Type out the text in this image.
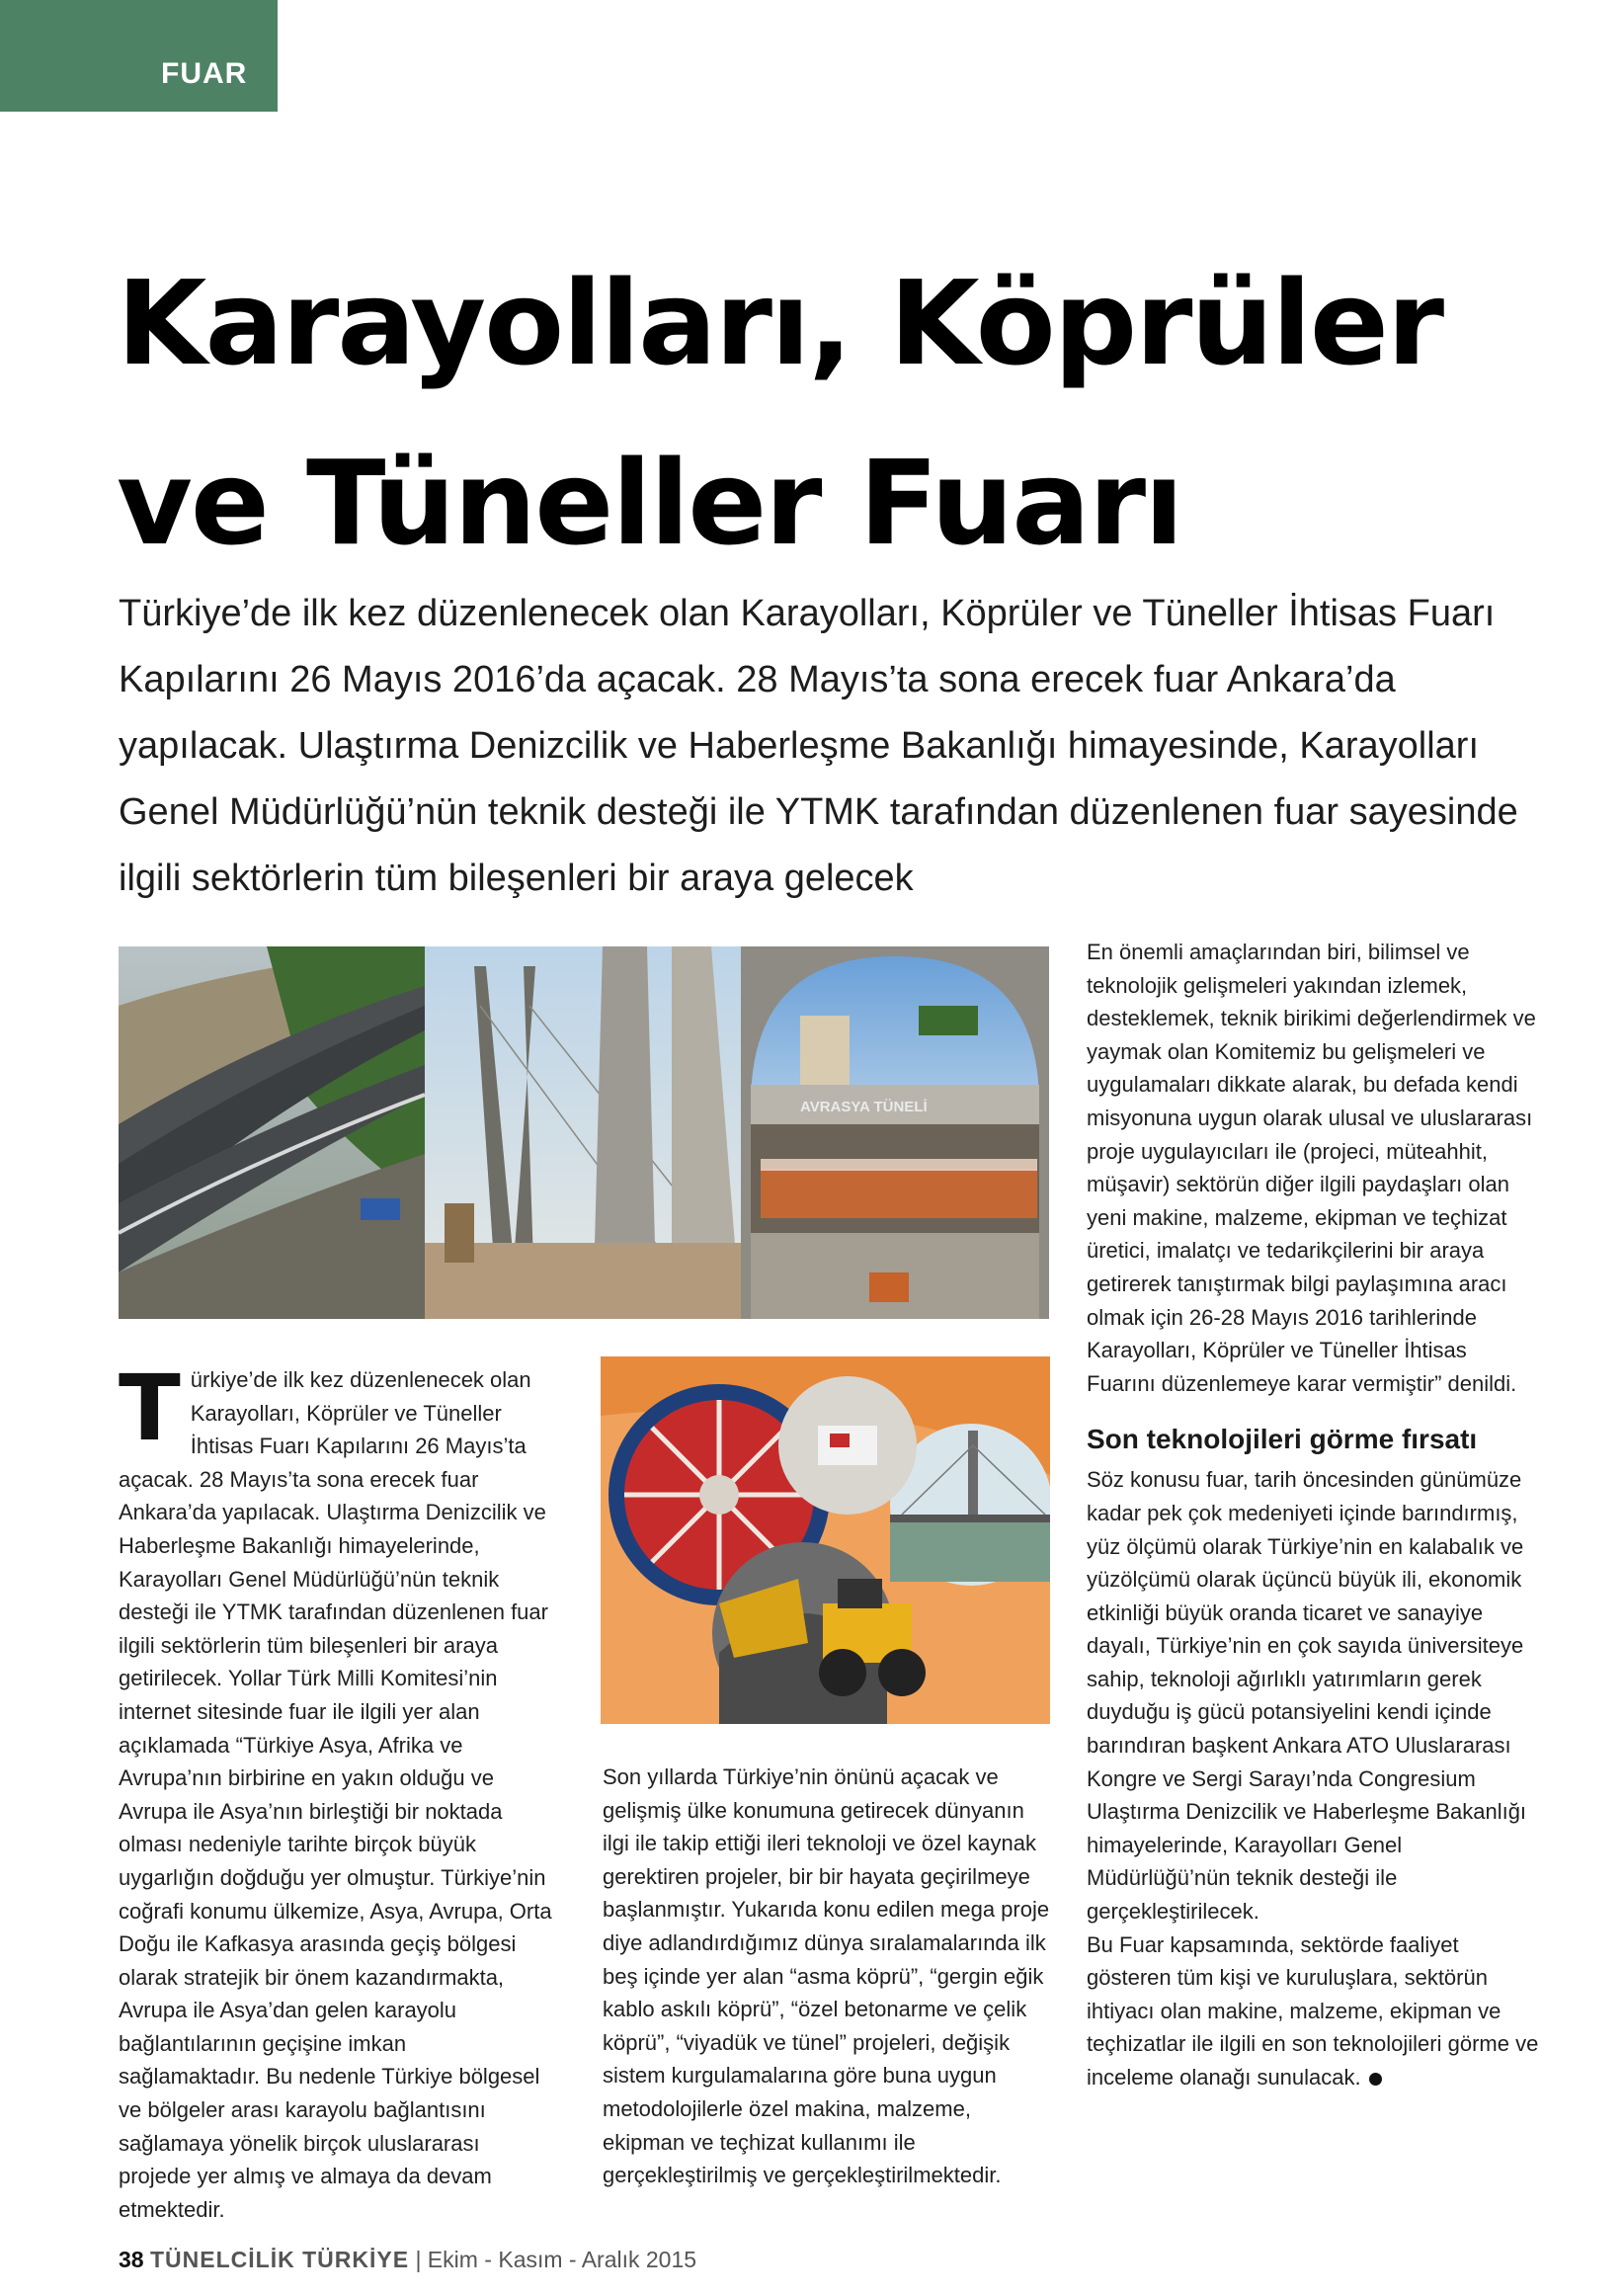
FUAR
Karayolları, Köprüler
ve Tüneller Fuarı

Türkiye’de ilk kez düzenlenecek olan Karayolları, Köprüler ve Tüneller İhtisas Fuarı Kapılarını 26 Mayıs 2016’da açacak. 28 Mayıs’ta sona erecek fuar Ankara’da yapılacak. Ulaştırma Denizcilik ve Haberleşme Bakanlığı himayesinde, Karayolları Genel Müdürlüğü’nün teknik desteği ile YTMK tarafından düzenlenen fuar sayesinde ilgili sektörlerin tüm bileşenleri bir araya gelecek

AVRASYA TÜNELİ
T ürkiye’de ilk kez düzenlenecek olan Karayolları, Köprüler ve Tüneller İhtisas Fuarı Kapılarını 26 Mayıs’ta açacak. 28 Mayıs’ta sona erecek fuar Ankara’da yapılacak. Ulaştırma Denizcilik ve Haberleşme Bakanlığı himayelerinde, Karayolları Genel Müdürlüğü’nün teknik desteği ile YTMK tarafından düzenlenen fuar ilgili sektörlerin tüm bileşenleri bir araya getirilecek. Yollar Türk Milli Komitesi’nin internet sitesinde fuar ile ilgili yer alan açıklamada “Türkiye Asya, Afrika ve Avrupa’nın birbirine en yakın olduğu ve Avrupa ile Asya’nın birleştiği bir noktada olması nedeniyle tarihte birçok büyük uygarlığın doğduğu yer olmuştur. Türkiye’nin coğrafi konumu ülkemize, Asya, Avrupa, Orta Doğu ile Kafkasya arasında geçiş bölgesi olarak stratejik bir önem kazandırmakta, Avrupa ile Asya’dan gelen karayolu bağlantılarının geçişine imkan sağlamaktadır. Bu nedenle Türkiye bölgesel ve bölgeler arası karayolu bağlantısını sağlamaya yönelik birçok uluslararası projede yer almış ve almaya da devam etmektedir.

Son yıllarda Türkiye’nin önünü açacak ve gelişmiş ülke konumuna getirecek dünyanın ilgi ile takip ettiği ileri teknoloji ve özel kaynak gerektiren projeler, bir bir hayata geçirilmeye başlanmıştır. Yukarıda konu edilen mega proje diye adlandırdığımız dünya sıralamalarında ilk beş içinde yer alan “asma köprü”, “gergin eğik kablo askılı köprü”, “özel betonarme ve çelik köprü”, “viyadük ve tünel” projeleri, değişik sistem kurgulamalarına göre buna uygun metodolojilerle özel makina, malzeme, ekipman ve teçhizat kullanımı ile gerçekleştirilmiş ve gerçekleştirilmektedir.

En önemli amaçlarından biri, bilimsel ve teknolojik gelişmeleri yakından izlemek, desteklemek, teknik birikimi değerlendirmek ve yaymak olan Komitemiz bu gelişmeleri ve uygulamaları dikkate alarak, bu defada kendi misyonuna uygun olarak ulusal ve uluslararası proje uygulayıcıları ile (projeci, müteahhit, müşavir) sektörün diğer ilgili paydaşları olan yeni makine, malzeme, ekipman ve teçhizat üretici, imalatçı ve tedarikçilerini bir araya getirerek tanıştırmak bilgi paylaşımına aracı olmak için 26-28 Mayıs 2016 tarihlerinde Karayolları, Köprüler ve Tüneller İhtisas Fuarını düzenlemeye karar vermiştir” denildi.

Son teknolojileri görme fırsatı

Söz konusu fuar, tarih öncesinden günümüze kadar pek çok medeniyeti içinde barındırmış, yüz ölçümü olarak Türkiye’nin en kalabalık ve yüzölçümü olarak üçüncü büyük ili, ekonomik etkinliği büyük oranda ticaret ve sanayiye dayalı, Türkiye’nin en çok sayıda üniversiteye sahip, teknoloji ağırlıklı yatırımların gerek duyduğu iş gücü potansiyelini kendi içinde barındıran başkent Ankara ATO Uluslararası Kongre ve Sergi Sarayı’nda Congresium Ulaştırma Denizcilik ve Haberleşme Bakanlığı himayelerinde, Karayolları Genel Müdürlüğü’nün teknik desteği ile gerçekleştirilecek.

Bu Fuar kapsamında, sektörde faaliyet gösteren tüm kişi ve kuruluşlara, sektörün ihtiyacı olan makine, malzeme, ekipman ve teçhizatlar ile ilgili en son teknolojileri görme ve inceleme olanağı sunulacak.

38 TÜNELCİLİK TÜRKİYE | Ekim - Kasım - Aralık 2015
